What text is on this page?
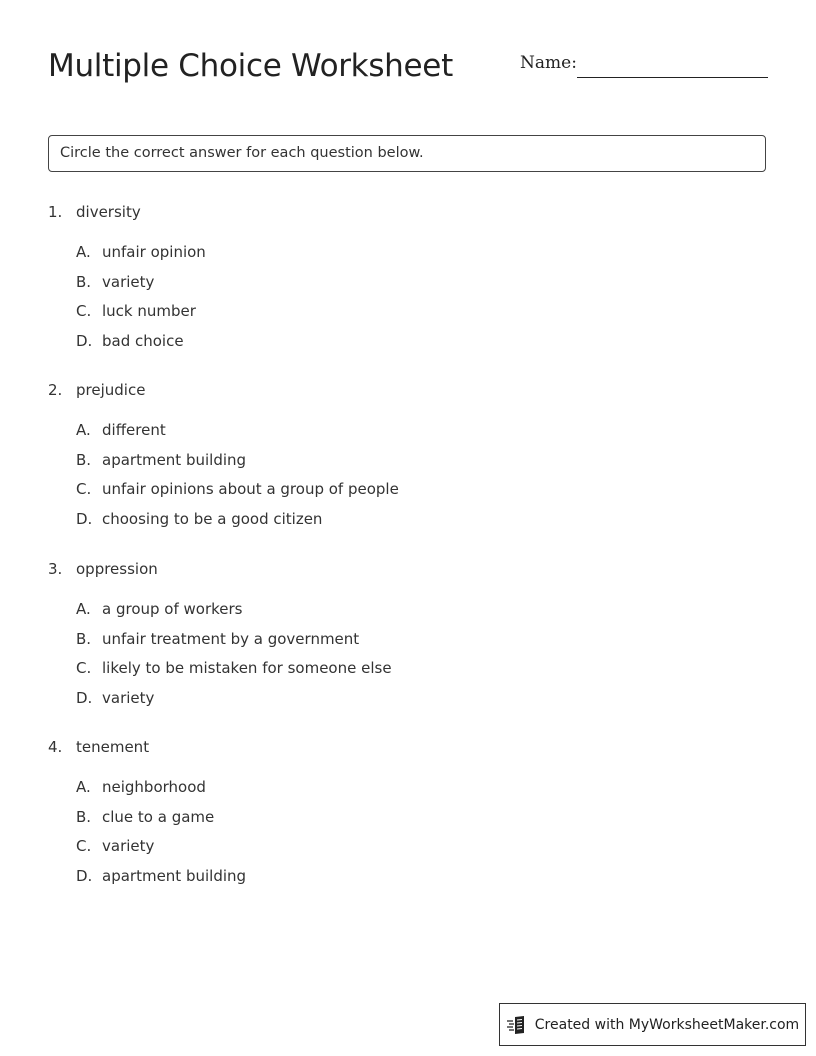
Multiple Choice Worksheet	Name:
Circle the correct answer for each question below.
1. diversity
A. unfair opinion
B. variety
C. luck number
D. bad choice
2. prejudice
A. different
B. apartment building
C. unfair opinions about a group of people
D. choosing to be a good citizen
3. oppression
A. a group of workers
B. unfair treatment by a government
C. likely to be mistaken for someone else
D. variety
4. tenement
A. neighborhood
B. clue to a game
C. variety
D. apartment building
Created with MyWorksheetMaker.com
